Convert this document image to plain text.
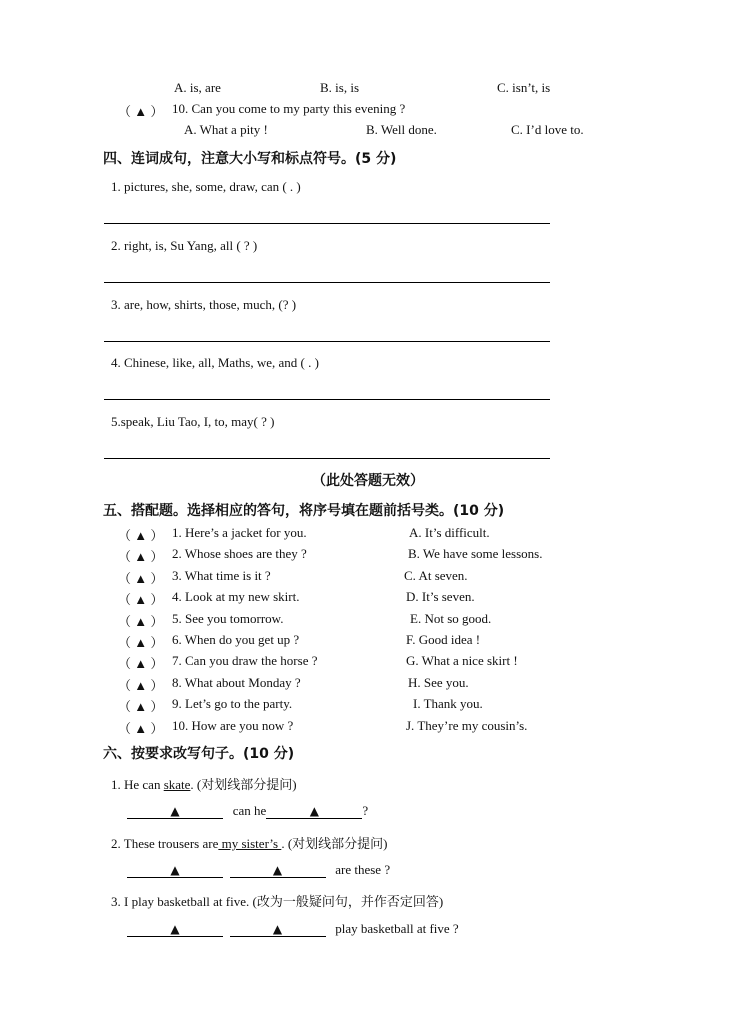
A. is, are	B. is, is	C. isn’t, is
（ ▲ ） 10. Can you come to my party this evening ?
A. What a pity !	B. Well done.	C. I’d love to.
四、连词成句，注意大小写和标点符号。(5 分)
1. pictures, she, some, draw, can ( . )
2. right, is, Su Yang, all ( ? )
3. are, how, shirts, those, much, (? )
4. Chinese, like, all, Maths, we, and ( . )
5.speak, Liu Tao, I, to, may( ? )
（此处答题无效）
五、搭配题。选择相应的答句，将序号填在题前括号类。(10 分)
（ ▲ ） 1. Here’s a jacket for you.	A. It’s difficult.
（ ▲ ） 2. Whose shoes are they ?	B. We have some lessons.
（ ▲ ） 3. What time is it ?	C. At seven.
（ ▲ ） 4. Look at my new skirt.	D. It’s seven.
（ ▲ ） 5. See you tomorrow.	E. Not so good.
（ ▲ ） 6. When do you get up ?	F. Good idea !
（ ▲ ） 7. Can you draw the horse ?	G. What a nice skirt !
（ ▲ ） 8. What about Monday ?	H. See you.
（ ▲ ） 9. Let’s go to the party.	I. Thank you.
（ ▲ ） 10. How are you now ?	J. They’re my cousin’s.
六、按要求改写句子。(10 分)
1. He can skate. (对划线部分提问)
▲	can he	▲	?
2. These trousers are my sister’s . (对划线部分提问)
▲	▲	are these ?
3. I play basketball at five. (改为一般疑问句，并作否定回答)
▲	▲	play basketball at five ?
